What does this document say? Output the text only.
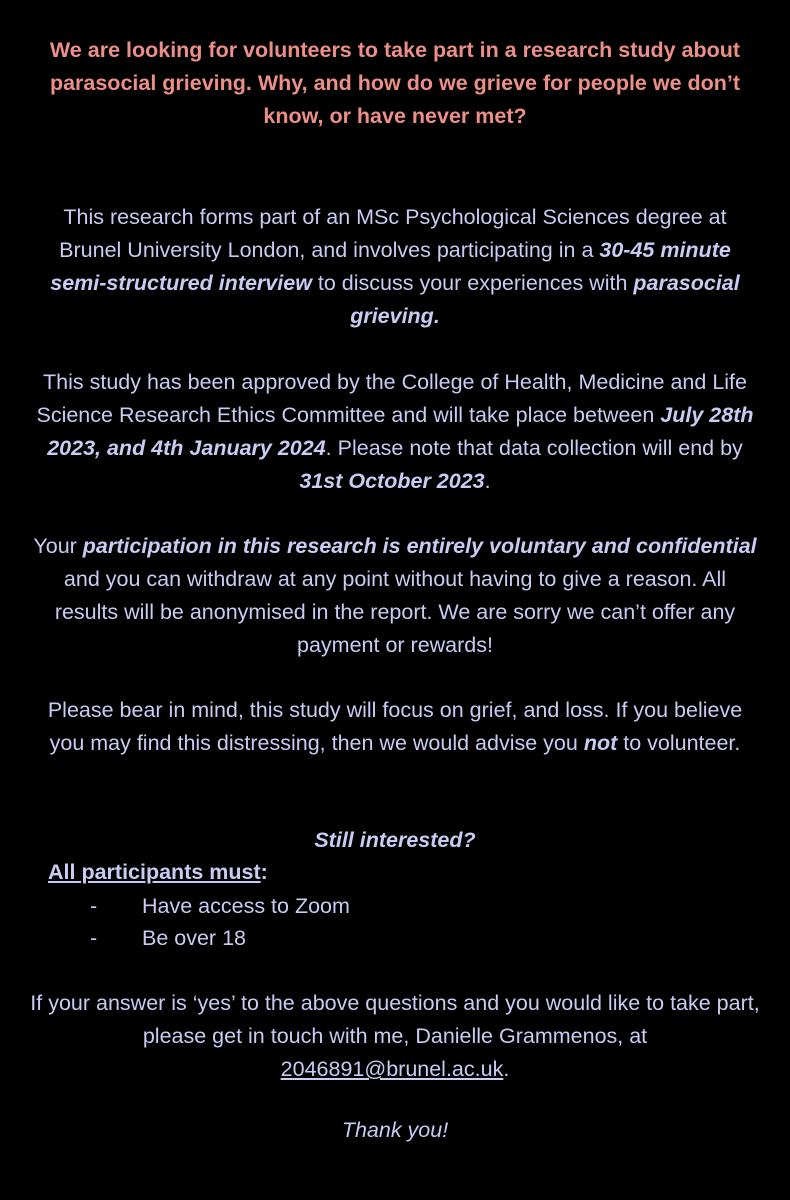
We are looking for volunteers to take part in a research study about parasocial grieving. Why, and how do we grieve for people we don’t know, or have never met?

This research forms part of an MSc Psychological Sciences degree at Brunel University London, and involves participating in a 30-45 minute semi-structured interview to discuss your experiences with parasocial grieving.

This study has been approved by the College of Health, Medicine and Life Science Research Ethics Committee and will take place between July 28th 2023, and 4th January 2024. Please note that data collection will end by 31st October 2023.

Your participation in this research is entirely voluntary and confidential and you can withdraw at any point without having to give a reason. All results will be anonymised in the report. We are sorry we can’t offer any payment or rewards!

Please bear in mind, this study will focus on grief, and loss. If you believe you may find this distressing, then we would advise you not to volunteer.

Still interested?

All participants must:

-	Have access to Zoom
-	Be over 18

If your answer is ‘yes’ to the above questions and you would like to take part, please get in touch with me, Danielle Grammenos, at 2046891@brunel.ac.uk.

Thank you!
